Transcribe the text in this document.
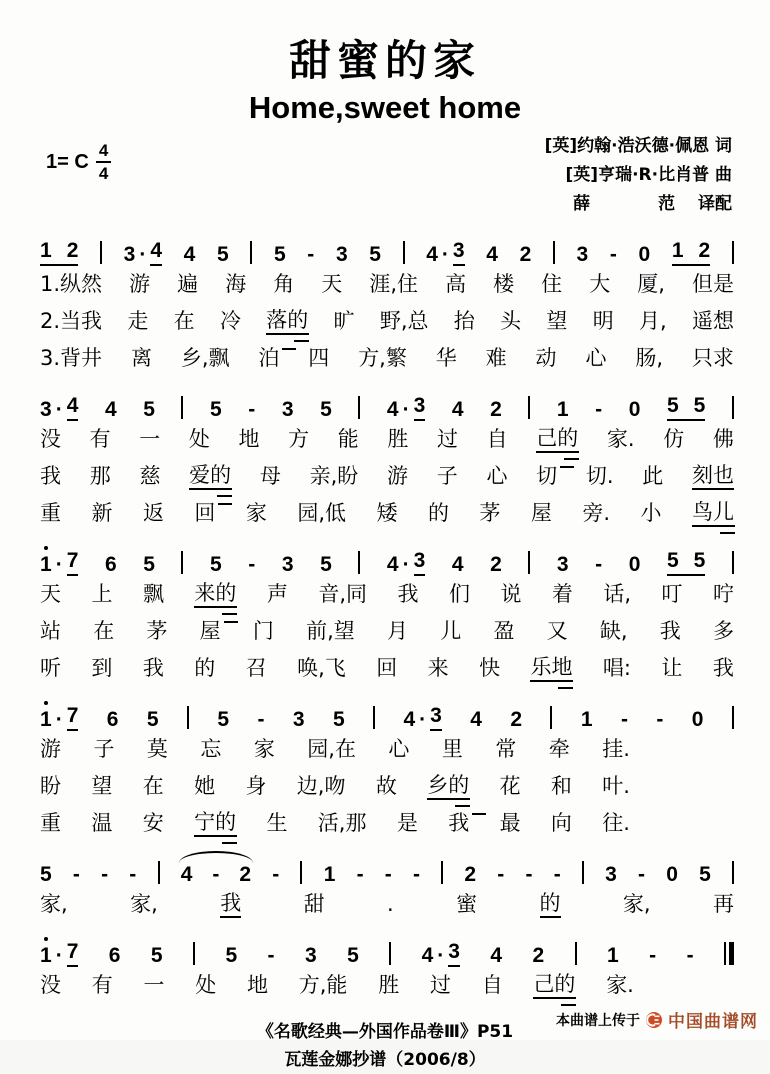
甜蜜的家
Home,sweet home
1= C $\frac{4}{4}$	[英]约翰·浩沃德·佩恩 词
[英]亨瑞·R·比肖普 曲
薛　　　　范　 译配
1 2 3 · 4 4 5 5 - 3 5 4 · 3 4 2 3 - 0 1 2
1.纵然 游 遍 海 角 天 涯,住 高 楼 住 大 厦, 但是
2.当我 走 在 冷 落的 旷 野,总 抬 头 望 明 月, 遥想
3.背井 离 乡,飘 泊 四 方,繁 华 难 动 心 肠, 只求
3 · 4 4 5	5 - 3 5	4 · 3 4 2	1 - 0 5 5
没 有 一 处 地 方 能 胜 过 自 己的 家. 仿 佛
我 那 慈 爱的 母 亲,盼 游 子 心 切 切. 此 刻也
重 新 返 回 家 园,低 矮 的 茅 屋 旁. 小 鸟儿
1 · 7 6 5	5 - 3 5	4 · 3 4 2	3 - 0 5 5
天 上 飘 来的 声 音,同 我 们 说 着 话, 叮 咛
站 在 茅 屋 门 前,望 月 儿 盈 又 缺, 我 多
听 到 我 的 召 唤,飞 回 来 快 乐地 唱: 让 我
1 · 7 6 5	5 - 3 5	4 · 3 4 2	1 - - 0
游 子 莫 忘 家 园,在 心 里 常 牵 挂.
盼 望 在 她 身 边,吻 故 乡的 花 和 叶.
重 温 安 宁的 生 活,那 是 我 最 向 往.
5 - - - 4 - 2 - 1 - - - 2 - - - 3 - 0 5
家,	家,	我	甜	.	蜜	的	家,	再
1 · 7 6 5	5 - 3 5	4 · 3 4 2	1 - -
没 有 一 处 地 方,能 胜 过 自 己的 家.
《名歌经典—外国作品卷Ⅲ》P51
瓦莲金娜抄谱（2006/8）
本曲谱上传于 中国曲谱网
